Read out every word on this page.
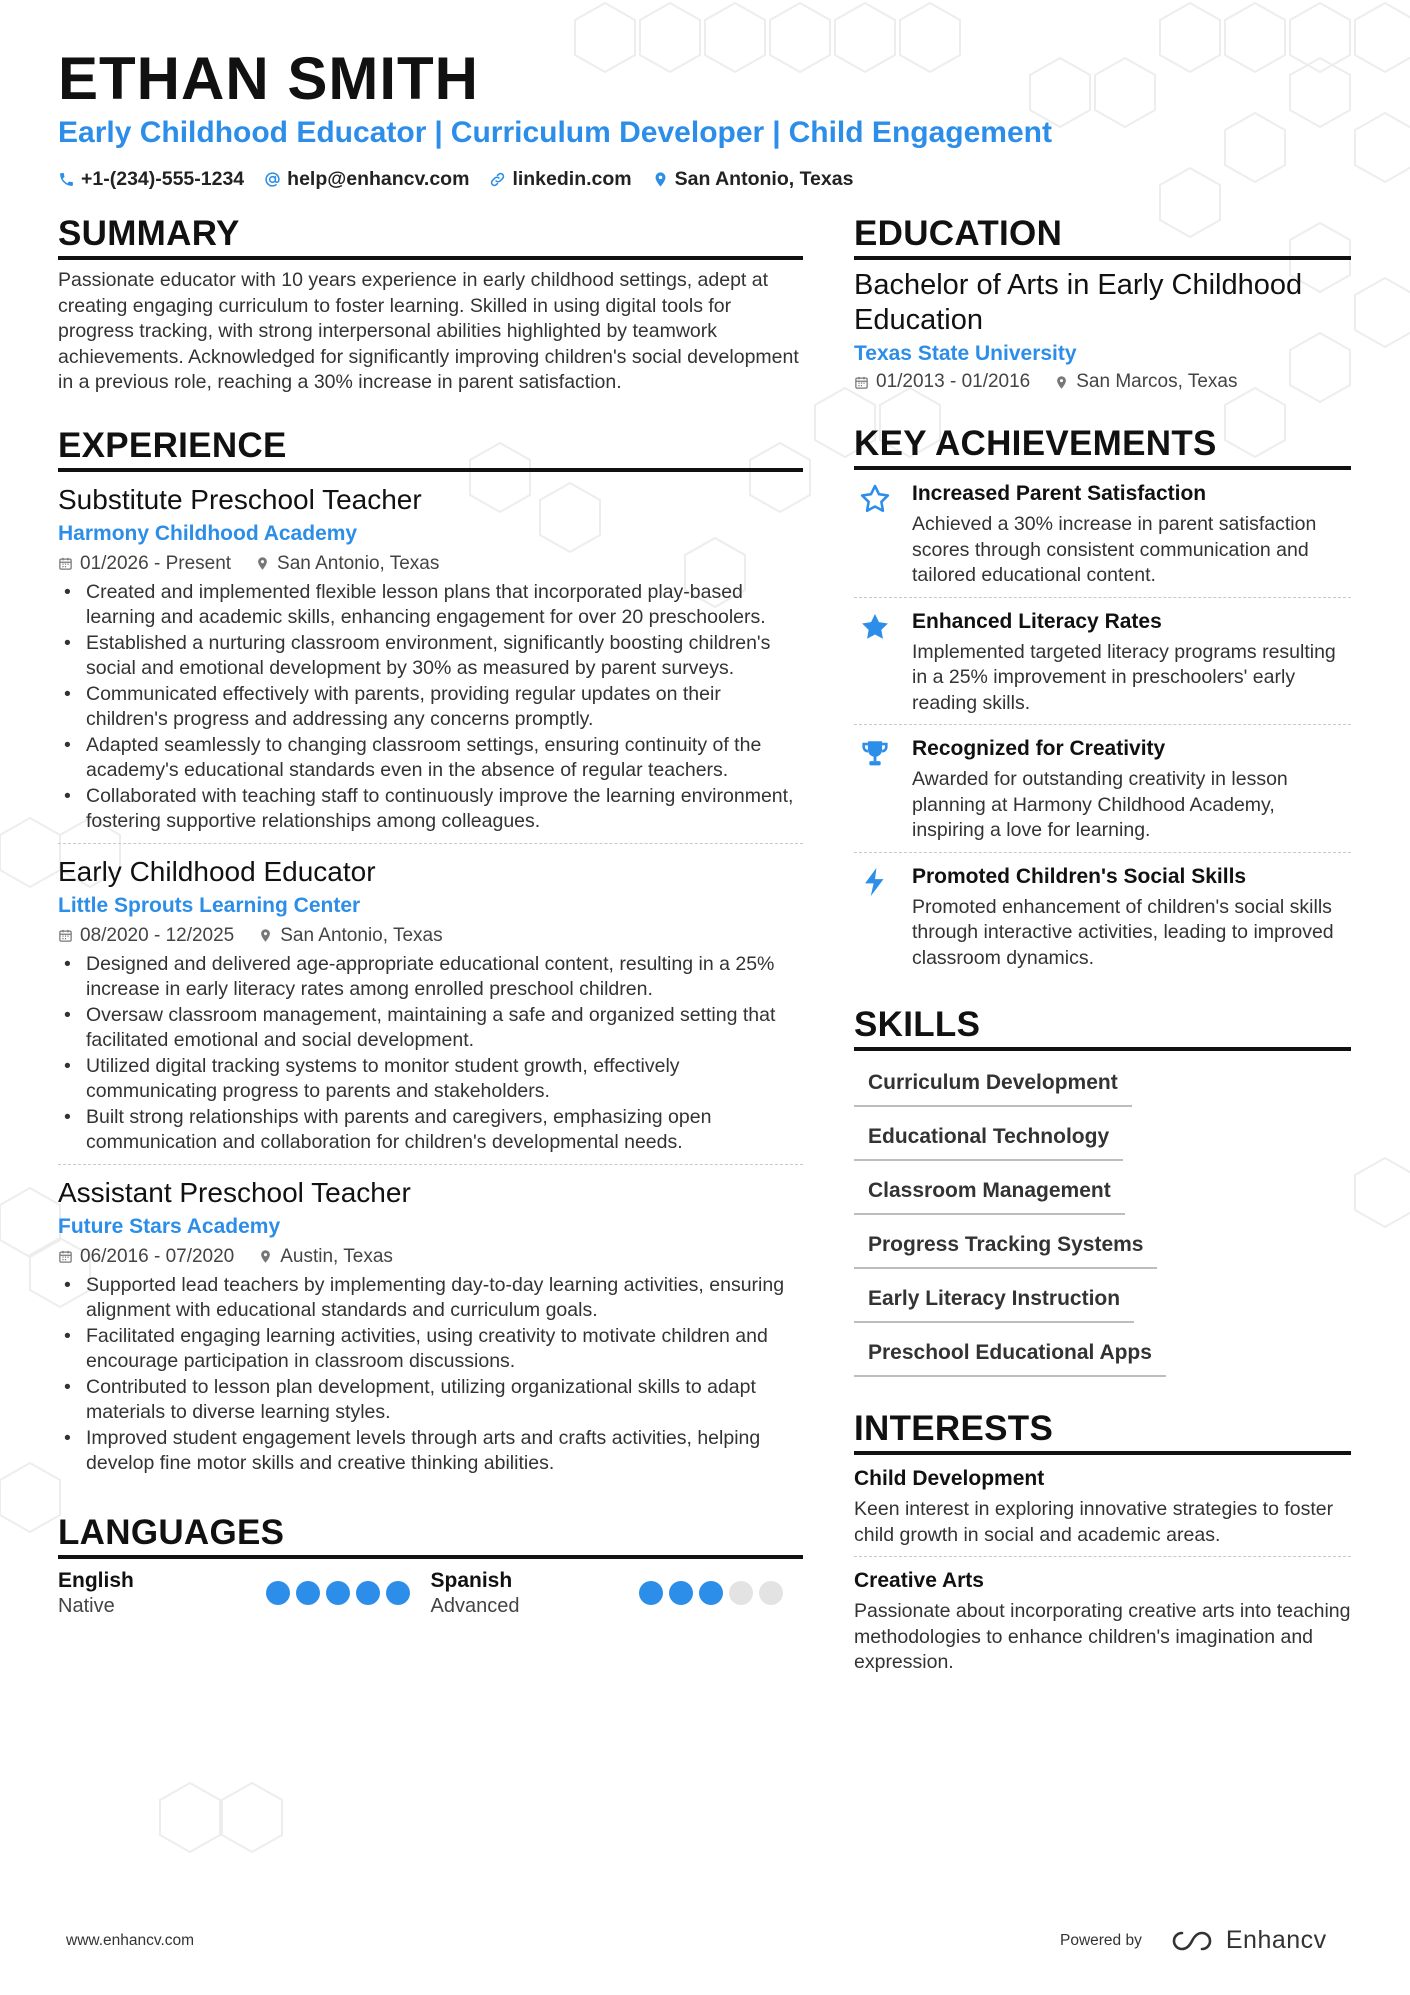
ETHAN SMITH
Early Childhood Educator | Curriculum Developer | Child Engagement
+1-(234)-555-1234 help@enhancv.com linkedin.com San Antonio, Texas
SUMMARY

Passionate educator with 10 years experience in early childhood settings, adept at creating engaging curriculum to foster learning. Skilled in using digital tools for progress tracking, with strong interpersonal abilities highlighted by teamwork achievements. Acknowledged for significantly improving children's social development in a previous role, reaching a 30% increase in parent satisfaction.

EXPERIENCE
Substitute Preschool Teacher
Harmony Childhood Academy
01/2026 - Present San Antonio, Texas
• Created and implemented flexible lesson plans that incorporated play-based learning and academic skills, enhancing engagement for over 20 preschoolers.
• Established a nurturing classroom environment, significantly boosting children's social and emotional development by 30% as measured by parent surveys.
• Communicated effectively with parents, providing regular updates on their children's progress and addressing any concerns promptly.
• Adapted seamlessly to changing classroom settings, ensuring continuity of the academy's educational standards even in the absence of regular teachers.
• Collaborated with teaching staff to continuously improve the learning environment, fostering supportive relationships among colleagues.
Early Childhood Educator
Little Sprouts Learning Center
08/2020 - 12/2025 San Antonio, Texas
• Designed and delivered age-appropriate educational content, resulting in a 25% increase in early literacy rates among enrolled preschool children.
• Oversaw classroom management, maintaining a safe and organized setting that facilitated emotional and social development.
• Utilized digital tracking systems to monitor student growth, effectively communicating progress to parents and stakeholders.
• Built strong relationships with parents and caregivers, emphasizing open communication and collaboration for children's developmental needs.
Assistant Preschool Teacher
Future Stars Academy
06/2016 - 07/2020 Austin, Texas
• Supported lead teachers by implementing day-to-day learning activities, ensuring alignment with educational standards and curriculum goals.
• Facilitated engaging learning activities, using creativity to motivate children and encourage participation in classroom discussions.
• Contributed to lesson plan development, utilizing organizational skills to adapt materials to diverse learning styles.
• Improved student engagement levels through arts and crafts activities, helping develop fine motor skills and creative thinking abilities.
LANGUAGES
English
Native
Spanish
Advanced
EDUCATION
Bachelor of Arts in Early Childhood Education
Texas State University
01/2013 - 01/2016 San Marcos, Texas
KEY ACHIEVEMENTS
Increased Parent Satisfaction
Achieved a 30% increase in parent satisfaction scores through consistent communication and tailored educational content.
Enhanced Literacy Rates
Implemented targeted literacy programs resulting in a 25% improvement in preschoolers' early reading skills.
Recognized for Creativity
Awarded for outstanding creativity in lesson planning at Harmony Childhood Academy, inspiring a love for learning.
Promoted Children's Social Skills
Promoted enhancement of children's social skills through interactive activities, leading to improved classroom dynamics.
SKILLS
Curriculum Development
Educational Technology
Classroom Management
Progress Tracking Systems
Early Literacy Instruction
Preschool Educational Apps
INTERESTS
Child Development
Keen interest in exploring innovative strategies to foster child growth in social and academic areas.
Creative Arts
Passionate about incorporating creative arts into teaching methodologies to enhance children's imagination and expression.
www.enhancv.com	Powered by	Enhancv
